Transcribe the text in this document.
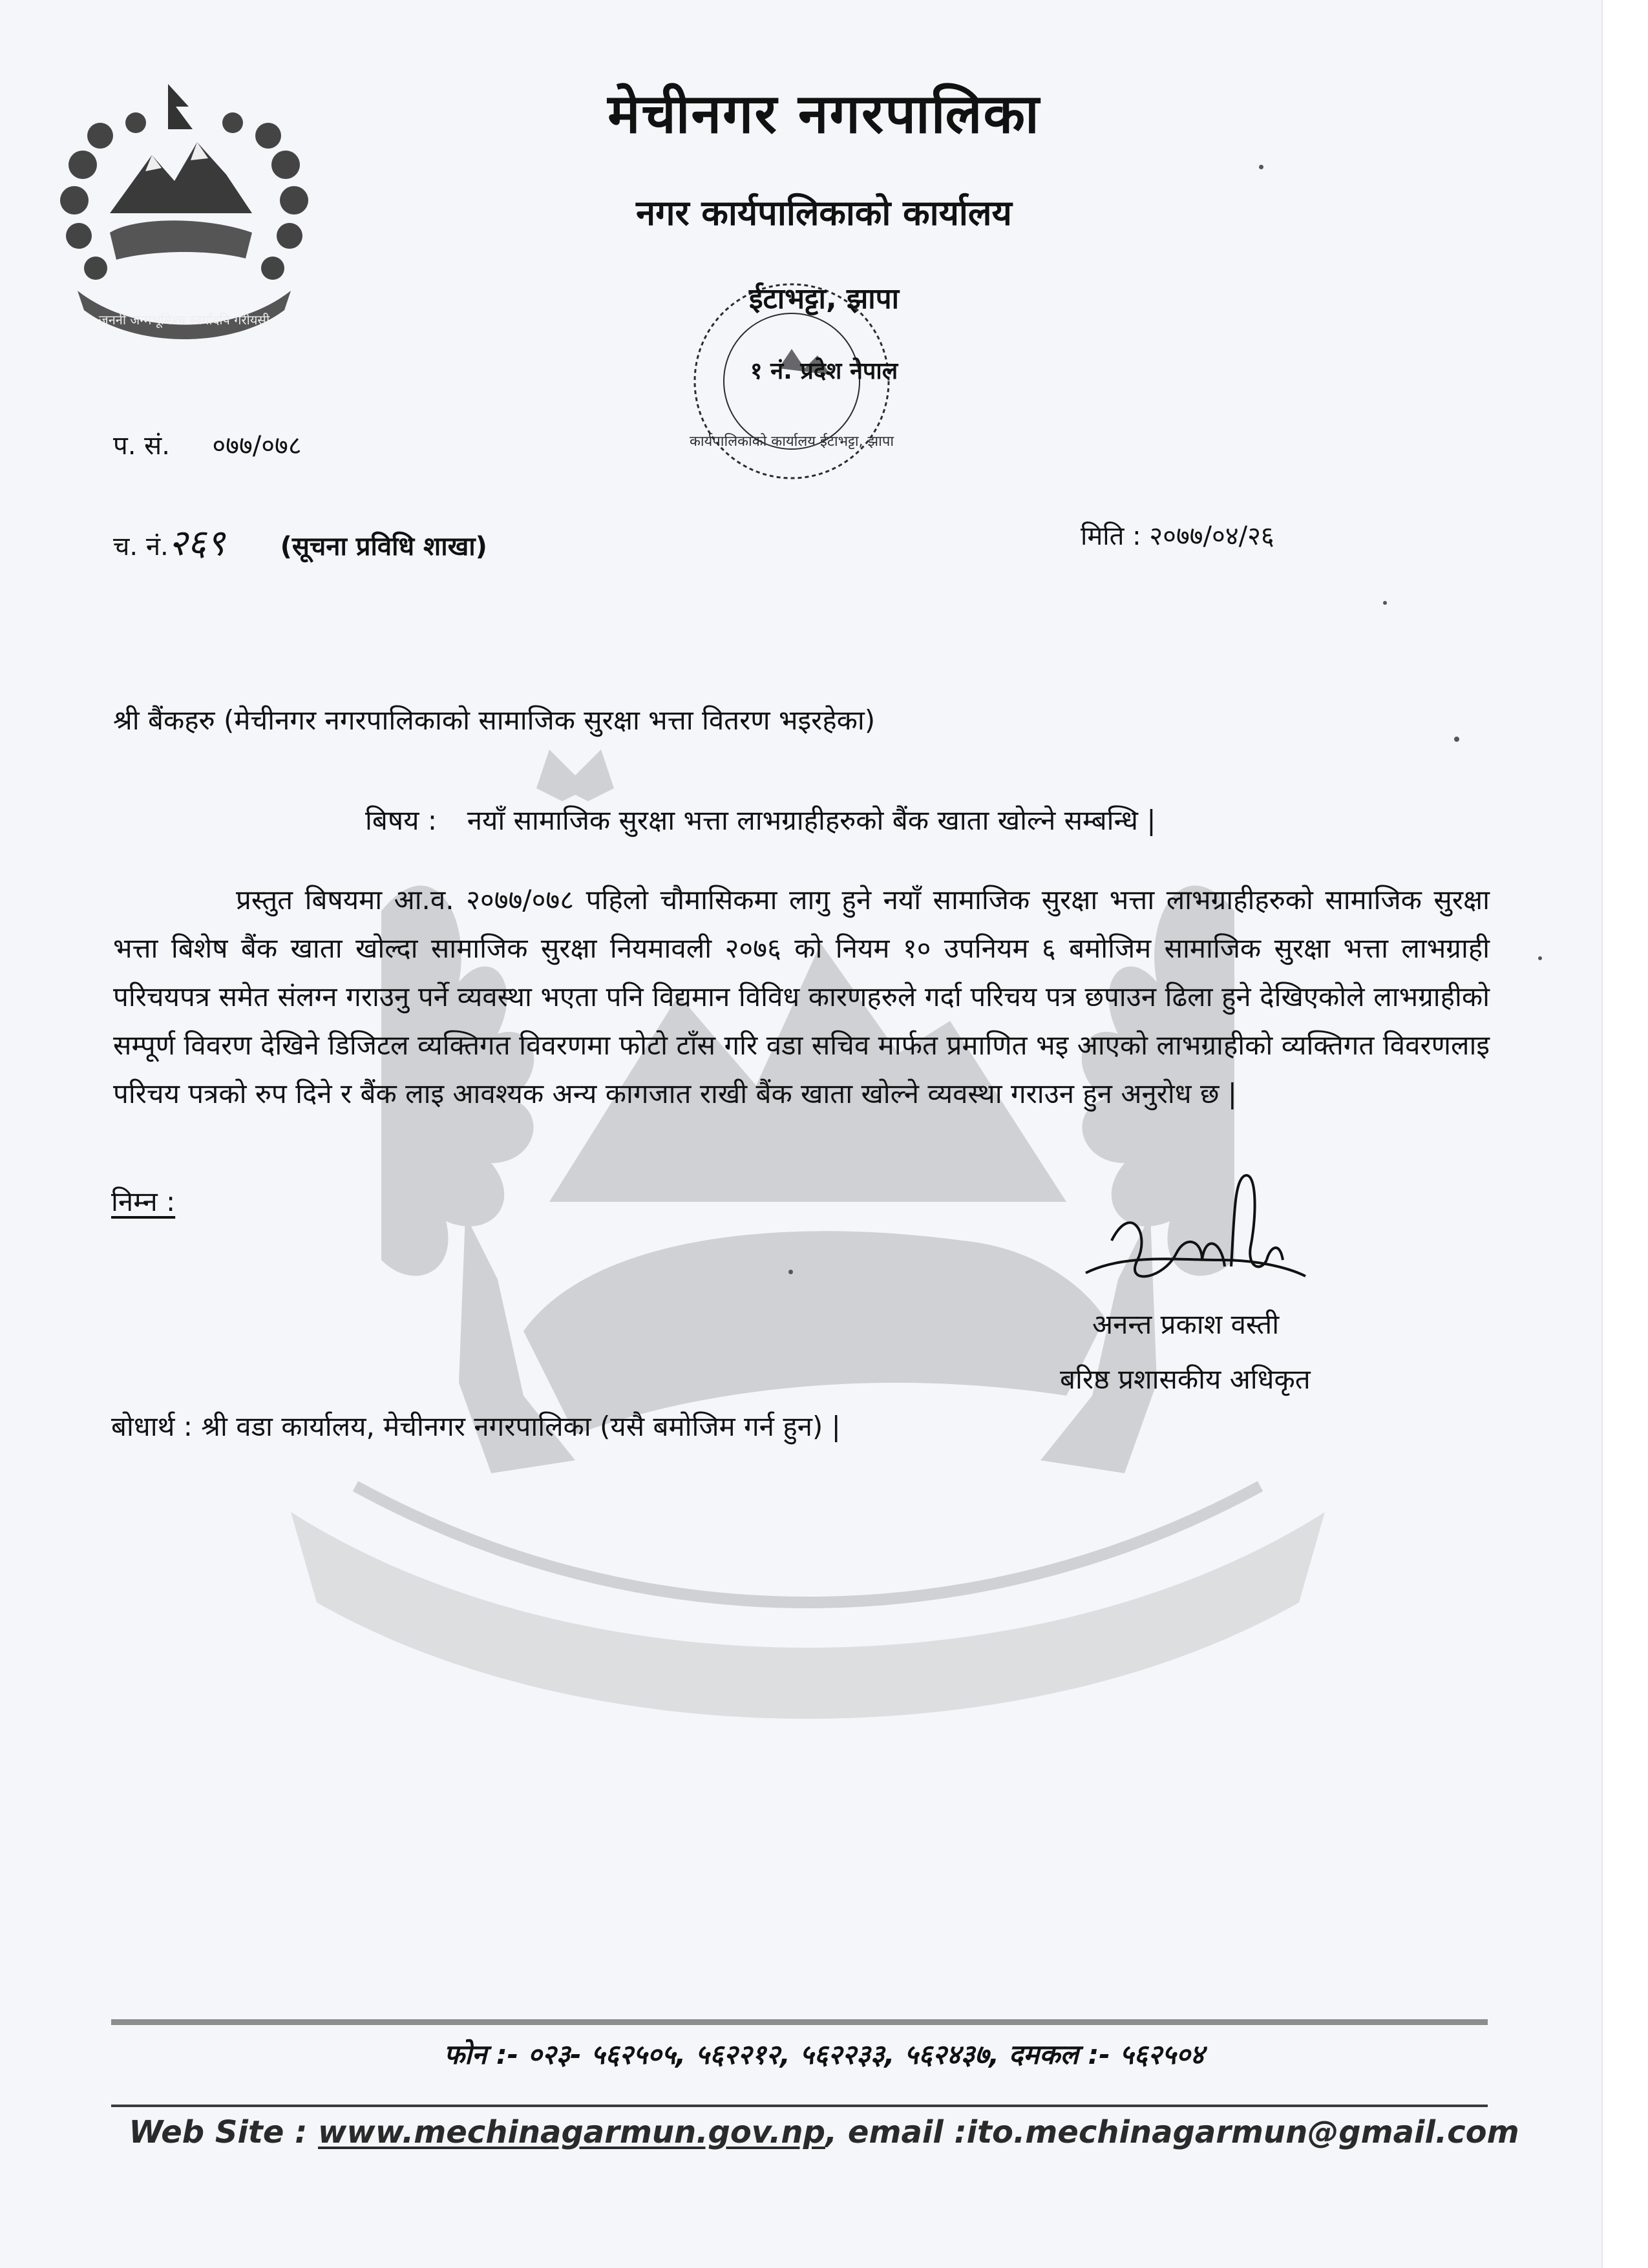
जननी जन्मभूमिश्च स्वर्गादपि गरीयसी
मेचीनगर नगरपालिका
नगर कार्यपालिकाको कार्यालय
कार्यपालिकाको कार्यालय ईटाभट्टा, झापा
ईटाभट्टा, झापा
१ नं. प्रदेश नेपाल
प. सं. ०७७/०७८
च. नं.२६९ (सूचना प्रविधि शाखा)	मिति : २०७७/०४/२६
श्री बैंकहरु (मेचीनगर नगरपालिकाको सामाजिक सुरक्षा भत्ता वितरण भइरहेका)
बिषय : नयाँ सामाजिक सुरक्षा भत्ता लाभग्राहीहरुको बैंक खाता खोल्ने सम्बन्धि |
प्रस्तुत बिषयमा आ.व. २०७७/०७८ पहिलो चौमासिकमा लागु हुने नयाँ सामाजिक सुरक्षा भत्ता लाभग्राहीहरुको सामाजिक सुरक्षा भत्ता बिशेष बैंक खाता खोल्दा सामाजिक सुरक्षा नियमावली २०७६ को नियम १० उपनियम ६ बमोजिम सामाजिक सुरक्षा भत्ता लाभग्राही परिचयपत्र समेत संलग्न गराउनु पर्ने व्यवस्था भएता पनि विद्यमान विविध कारणहरुले गर्दा परिचय पत्र छपाउन ढिला हुने देखिएकोले लाभग्राहीको सम्पूर्ण विवरण देखिने डिजिटल व्यक्तिगत विवरणमा फोटो टाँस गरि वडा सचिव मार्फत प्रमाणित भइ आएको लाभग्राहीको व्यक्तिगत विवरणलाइ परिचय पत्रको रुप दिने र बैंक लाइ आवश्यक अन्य कागजात राखी बैंक खाता खोल्ने व्यवस्था गराउन हुन अनुरोध छ |
निम्न :
अनन्त प्रकाश वस्ती
बरिष्ठ प्रशासकीय अधिकृत
बोधार्थ : श्री वडा कार्यालय, मेचीनगर नगरपालिका (यसै बमोजिम गर्न हुन) |
फोन :- ०२३- ५६२५०५, ५६२२१२, ५६२२३३, ५६२४३७, दमकल :- ५६२५०४
Web Site : www.mechinagarmun.gov.np, email :ito.mechinagarmun@gmail.com
